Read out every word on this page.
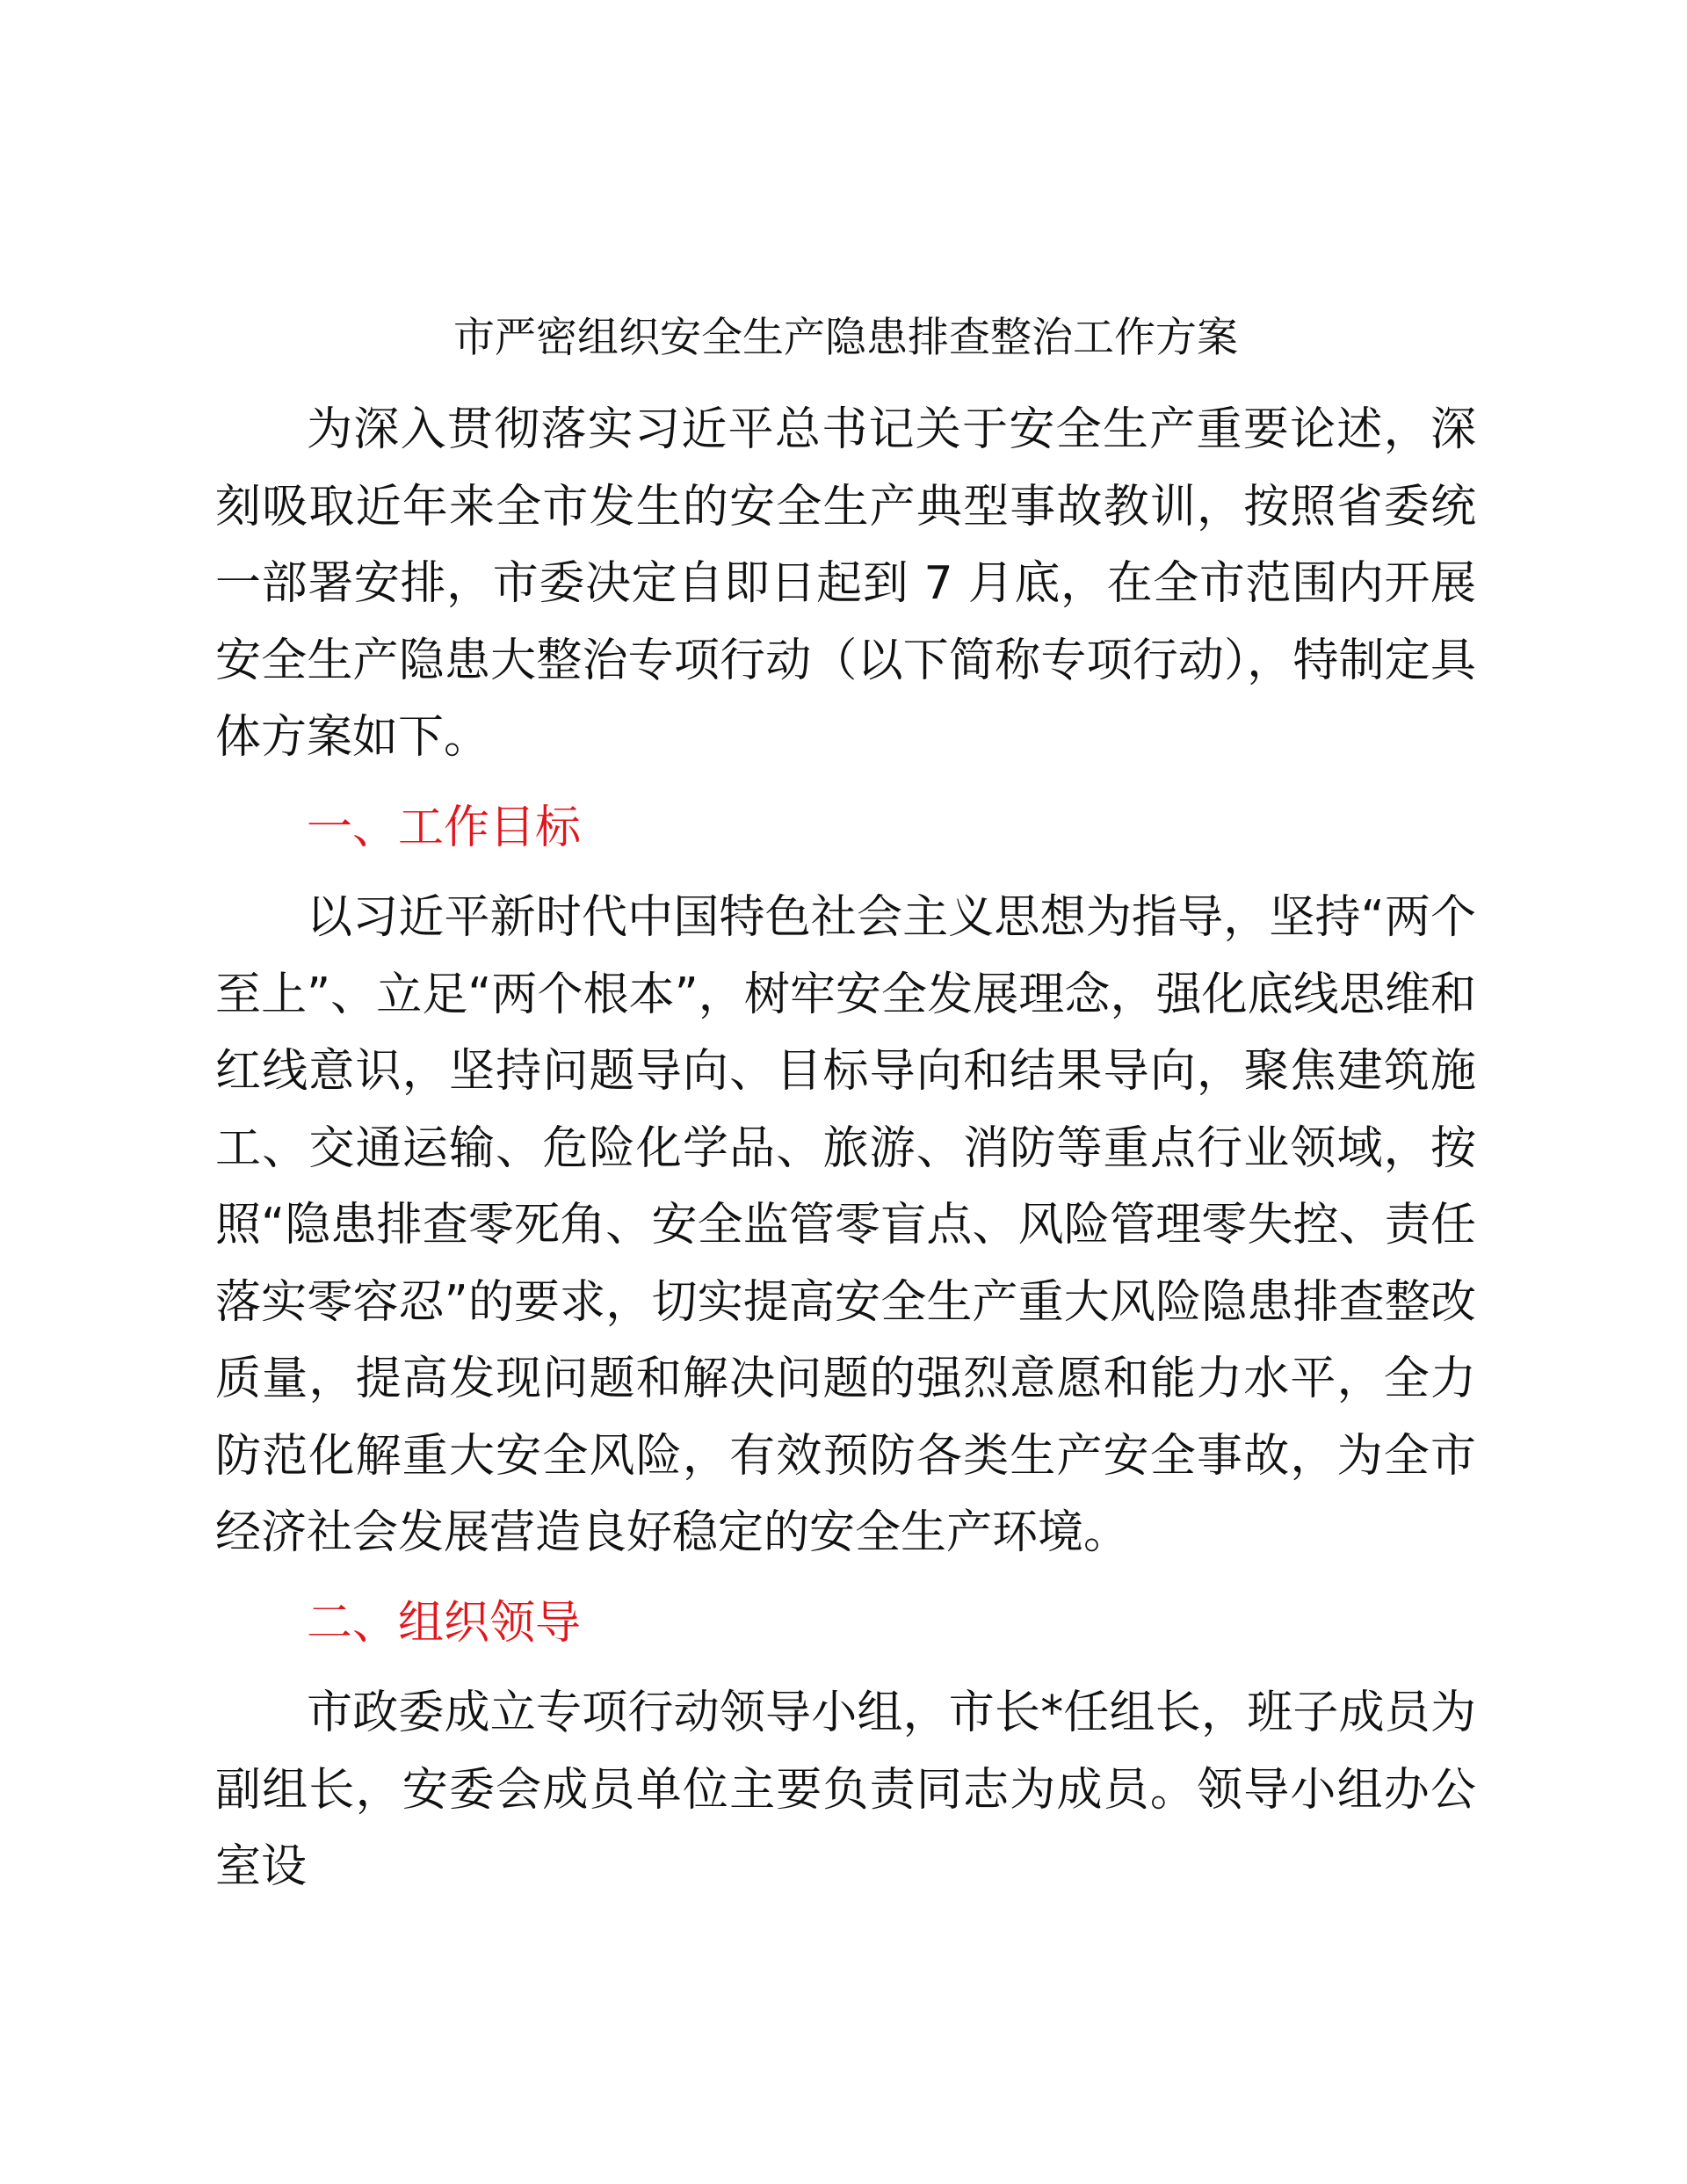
市严密组织安全生产隐患排查整治工作方案

为深入贯彻落实习近平总书记关于安全生产重要论述，深刻吸取近年来全市发生的安全生产典型事故教训，按照省委统一部署安排，市委决定自即日起到 7 月底，在全市范围内开展安全生产隐患大整治专项行动（以下简称专项行动），特制定具体方案如下。

一、工作目标

以习近平新时代中国特色社会主义思想为指导，坚持“两个至上”、立足“两个根本”，树牢安全发展理念，强化底线思维和红线意识，坚持问题导向、目标导向和结果导向，聚焦建筑施工、交通运输、危险化学品、旅游、消防等重点行业领域，按照“隐患排查零死角、安全监管零盲点、风险管理零失控、责任落实零容忍”的要求，切实提高安全生产重大风险隐患排查整改质量，提高发现问题和解决问题的强烈意愿和能力水平，全力防范化解重大安全风险，有效预防各类生产安全事故，为全市经济社会发展营造良好稳定的安全生产环境。

二、组织领导

市政委成立专项行动领导小组，市长*任组长，班子成员为副组长，安委会成员单位主要负责同志为成员。领导小组办公室设
